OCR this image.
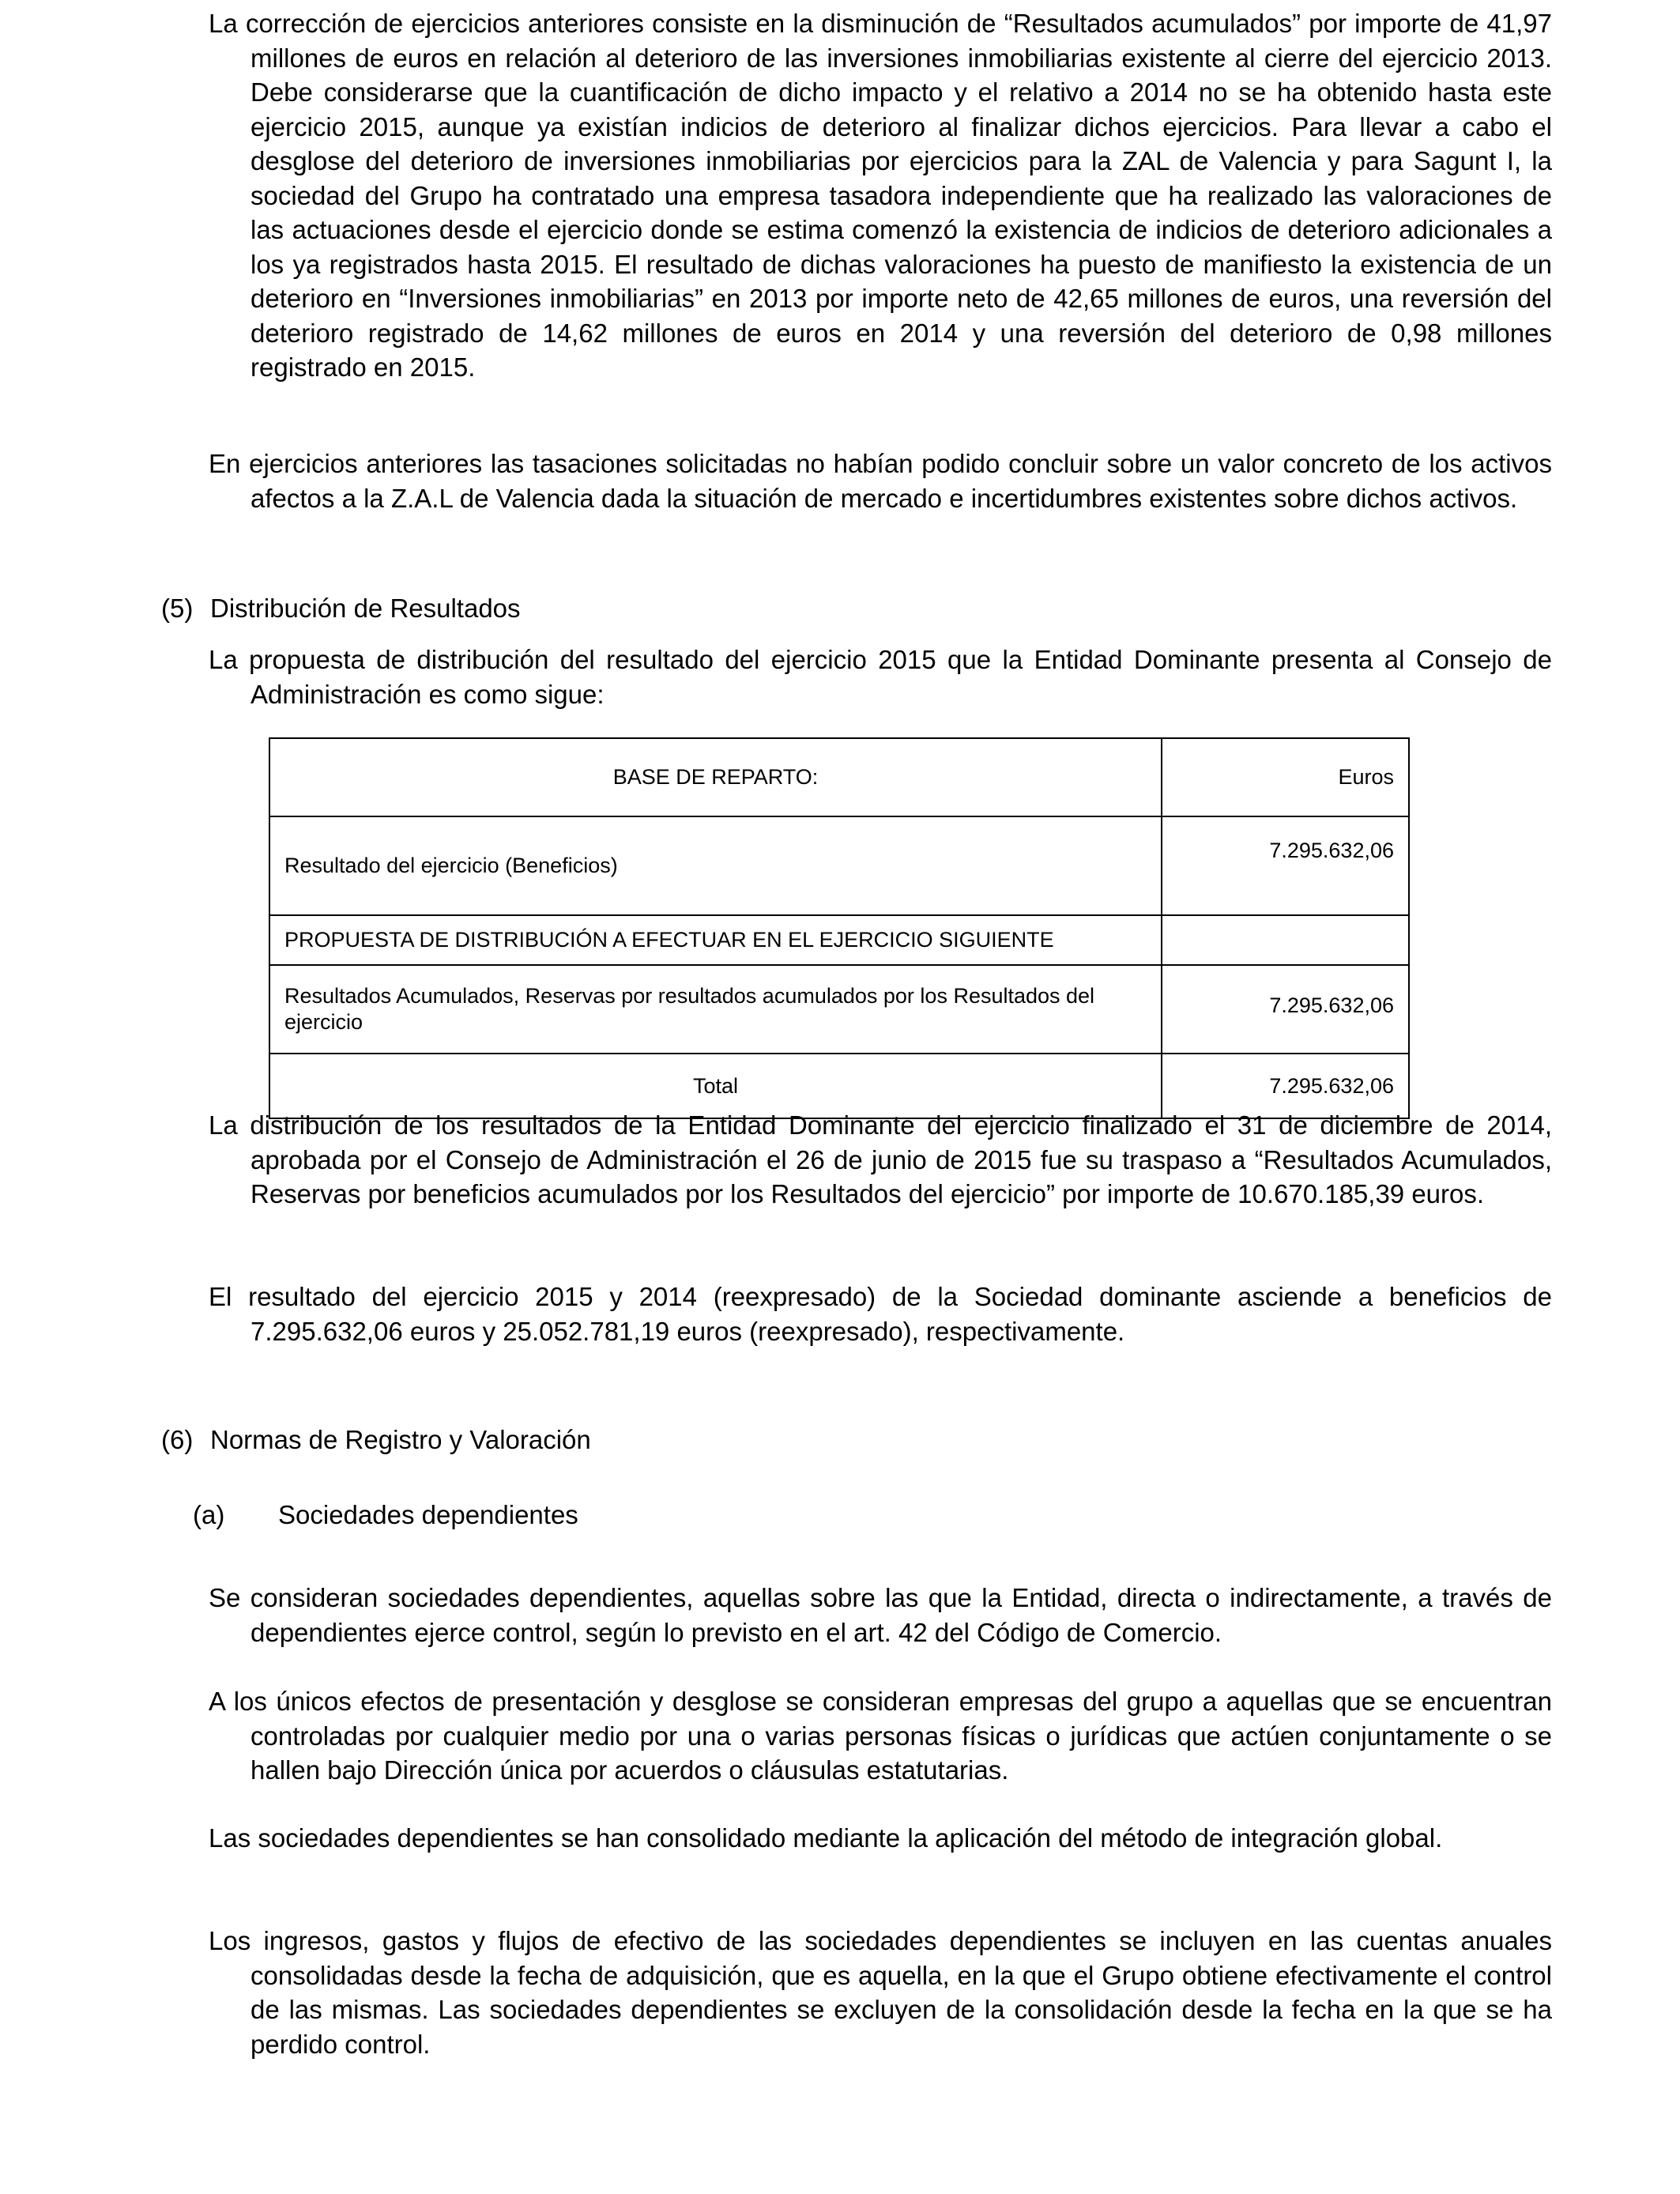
La corrección de ejercicios anteriores consiste en la disminución de “Resultados acumulados” por importe de 41,97 millones de euros en relación al deterioro de las inversiones inmobiliarias existente al cierre del ejercicio 2013. Debe considerarse que la cuantificación de dicho impacto y el relativo a 2014 no se ha obtenido hasta este ejercicio 2015, aunque ya existían indicios de deterioro al finalizar dichos ejercicios. Para llevar a cabo el desglose del deterioro de inversiones inmobiliarias por ejercicios para la ZAL de Valencia y para Sagunt I, la sociedad del Grupo ha contratado una empresa tasadora independiente que ha realizado las valoraciones de las actuaciones desde el ejercicio donde se estima comenzó la existencia de indicios de deterioro adicionales a los ya registrados hasta 2015. El resultado de dichas valoraciones ha puesto de manifiesto la existencia de un deterioro en “Inversiones inmobiliarias” en 2013 por importe neto de 42,65 millones de euros, una reversión del deterioro registrado de 14,62 millones de euros en 2014 y una reversión del deterioro de 0,98 millones registrado en 2015.

En ejercicios anteriores las tasaciones solicitadas no habían podido concluir sobre un valor concreto de los activos afectos a la Z.A.L de Valencia dada la situación de mercado e incertidumbres existentes sobre dichos activos.

(5) Distribución de Resultados

La propuesta de distribución del resultado del ejercicio 2015 que la Entidad Dominante presenta al Consejo de Administración es como sigue:

BASE DE REPARTO:	Euros
Resultado del ejercicio (Beneficios)	7.295.632,06
PROPUESTA DE DISTRIBUCIÓN A EFECTUAR EN EL EJERCICIO SIGUIENTE	
Resultados Acumulados, Reservas por resultados acumulados por los Resultados del ejercicio	7.295.632,06
Total	7.295.632,06

La distribución de los resultados de la Entidad Dominante del ejercicio finalizado el 31 de diciembre de 2014, aprobada por el Consejo de Administración el 26 de junio de 2015 fue su traspaso a “Resultados Acumulados, Reservas por beneficios acumulados por los Resultados del ejercicio” por importe de 10.670.185,39 euros.

El resultado del ejercicio 2015 y 2014 (reexpresado) de la Sociedad dominante asciende a beneficios de 7.295.632,06 euros y 25.052.781,19 euros (reexpresado), respectivamente.

(6) Normas de Registro y Valoración
(a) Sociedades dependientes

Se consideran sociedades dependientes, aquellas sobre las que la Entidad, directa o indirectamente, a través de dependientes ejerce control, según lo previsto en el art. 42 del Código de Comercio.

A los únicos efectos de presentación y desglose se consideran empresas del grupo a aquellas que se encuentran controladas por cualquier medio por una o varias personas físicas o jurídicas que actúen conjuntamente o se hallen bajo Dirección única por acuerdos o cláusulas estatutarias.

Las sociedades dependientes se han consolidado mediante la aplicación del método de integración global.

Los ingresos, gastos y flujos de efectivo de las sociedades dependientes se incluyen en las cuentas anuales consolidadas desde la fecha de adquisición, que es aquella, en la que el Grupo obtiene efectivamente el control de las mismas. Las sociedades dependientes se excluyen de la consolidación desde la fecha en la que se ha perdido control.
